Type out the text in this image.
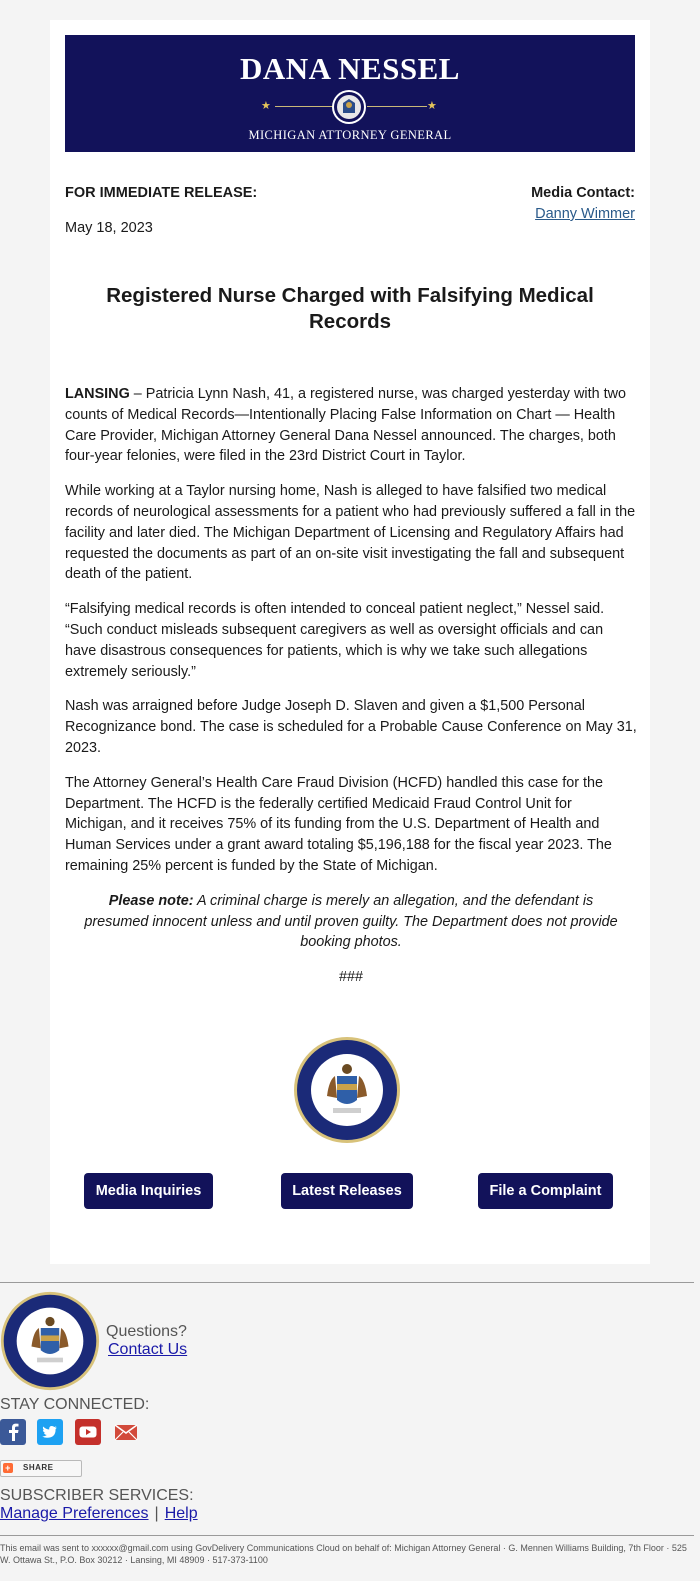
DANA NESSEL
★	★
MICHIGAN ATTORNEY GENERAL
FOR IMMEDIATE RELEASE:
May 18, 2023
Media Contact:
Danny Wimmer
Registered Nurse Charged with Falsifying Medical Records

LANSING – Patricia Lynn Nash, 41, a registered nurse, was charged yesterday with two counts of Medical Records—Intentionally Placing False Information on Chart — Health Care Provider, Michigan Attorney General Dana Nessel announced. The charges, both four-year felonies, were filed in the 23rd District Court in Taylor.

While working at a Taylor nursing home, Nash is alleged to have falsified two medical records of neurological assessments for a patient who had previously suffered a fall in the facility and later died. The Michigan Department of Licensing and Regulatory Affairs had requested the documents as part of an on-site visit investigating the fall and subsequent death of the patient.

“Falsifying medical records is often intended to conceal patient neglect,” Nessel said. “Such conduct misleads subsequent caregivers as well as oversight officials and can have disastrous consequences for patients, which is why we take such allegations extremely seriously.”

Nash was arraigned before Judge Joseph D. Slaven and given a $1,500 Personal Recognizance bond. The case is scheduled for a Probable Cause Conference on May 31, 2023.

The Attorney General’s Health Care Fraud Division (HCFD) handled this case for the Department. The HCFD is the federally certified Medicaid Fraud Control Unit for Michigan, and it receives 75% of its funding from the U.S. Department of Health and Human Services under a grant award totaling $5,196,188 for the fiscal year 2023. The remaining 25% percent is funded by the State of Michigan.

Please note: A criminal charge is merely an allegation, and the defendant is presumed innocent unless and until proven guilty. The Department does not provide booking photos.

###

Media Inquiries	Latest Releases	File a Complaint
Questions?
Contact Us
STAY CONNECTED:
+ SHARE
SUBSCRIBER SERVICES:
Manage Preferences | Help
This email was sent to xxxxxx@gmail.com using GovDelivery Communications Cloud on behalf of: Michigan Attorney General · G. Mennen Williams Building, 7th Floor · 525 W. Ottawa St., P.O. Box 30212 · Lansing, MI 48909 · 517-373-1100
